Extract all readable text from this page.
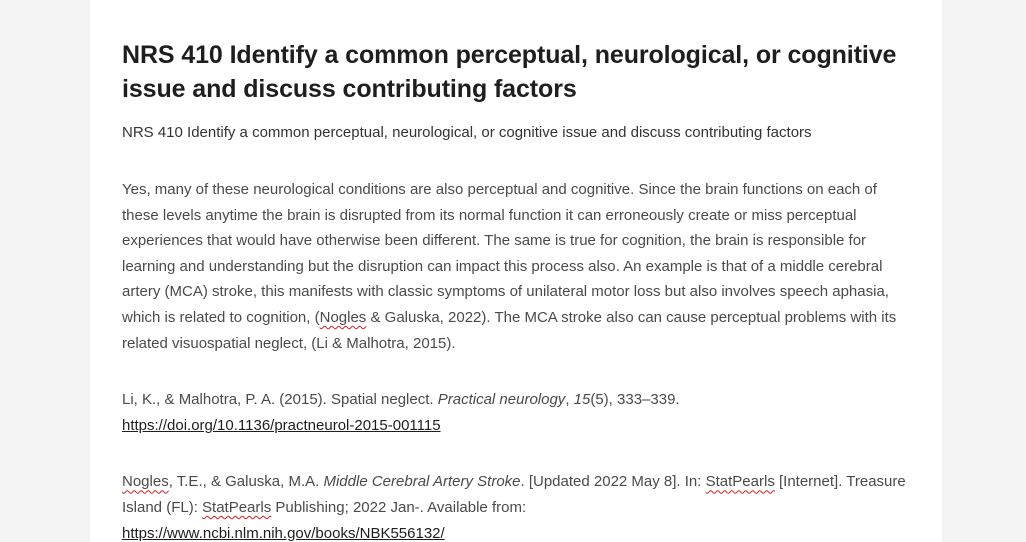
NRS 410 Identify a common perceptual, neurological, or cognitive issue and discuss contributing factors

NRS 410 Identify a common perceptual, neurological, or cognitive issue and discuss contributing factors

Yes, many of these neurological conditions are also perceptual and cognitive. Since the brain functions on each of these levels anytime the brain is disrupted from its normal function it can erroneously create or miss perceptual experiences that would have otherwise been different. The same is true for cognition, the brain is responsible for learning and understanding but the disruption can impact this process also. An example is that of a middle cerebral artery (MCA) stroke, this manifests with classic symptoms of unilateral motor loss but also involves speech aphasia, which is related to cognition, (Nogles & Galuska, 2022). The MCA stroke also can cause perceptual problems with its related visuospatial neglect, (Li & Malhotra, 2015).

Li, K., & Malhotra, P. A. (2015). Spatial neglect. Practical neurology, 15(5), 333–339.
https://doi.org/10.1136/practneurol-2015-001115

Nogles, T.E., & Galuska, M.A. Middle Cerebral Artery Stroke. [Updated 2022 May 8]. In: StatPearls [Internet]. Treasure Island (FL): StatPearls Publishing; 2022 Jan-. Available from:
https://www.ncbi.nlm.nih.gov/books/NBK556132/
